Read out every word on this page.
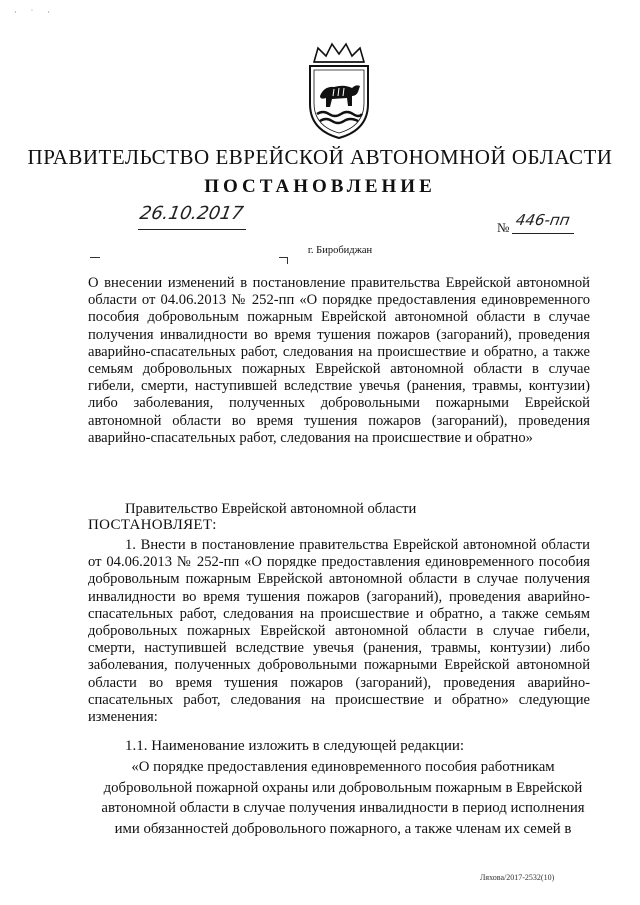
· ˙ ·
ПРАВИТЕЛЬСТВО ЕВРЕЙСКОЙ АВТОНОМНОЙ ОБЛАСТИ
ПОСТАНОВЛЕНИЕ
26.10.2017
№ 446-пп
г. Биробиджан
О внесении изменений в постановление правительства Еврейской автономной области от 04.06.2013 № 252-пп «О порядке предоставления единовременного пособия добровольным пожарным Еврейской автономной области в случае получения инвалидности во время тушения пожаров (загораний), проведения аварийно-спасательных работ, следования на происшествие и обратно, а также семьям добровольных пожарных Еврейской автономной области в случае гибели, смерти, наступившей вследствие увечья (ранения, травмы, контузии) либо заболевания, полученных добровольными пожарными Еврейской автономной области во время тушения пожаров (загораний), проведения аварийно-спасательных работ, следования на происшествие и обратно»
Правительство Еврейской автономной области
ПОСТАНОВЛЯЕТ:
1. Внести в постановление правительства Еврейской автономной области от 04.06.2013 № 252-пп «О порядке предоставления единовременного пособия добровольным пожарным Еврейской автономной области в случае получения инвалидности во время тушения пожаров (загораний), проведения аварийно-спасательных работ, следования на происшествие и обратно, а также семьям добровольных пожарных Еврейской автономной области в случае гибели, смерти, наступившей вследствие увечья (ранения, травмы, контузии) либо заболевания, полученных добровольными пожарными Еврейской автономной области во время тушения пожаров (загораний), проведения аварийно-спасательных работ, следования на происшествие и обратно» следующие изменения:
1.1. Наименование изложить в следующей редакции:
«О порядке предоставления единовременного пособия работникам
добровольной пожарной охраны или добровольным пожарным в Еврейской
автономной области в случае получения инвалидности в период исполнения
ими обязанностей добровольного пожарного, а также членам их семей в
Ляхова/2017-2532(10)
